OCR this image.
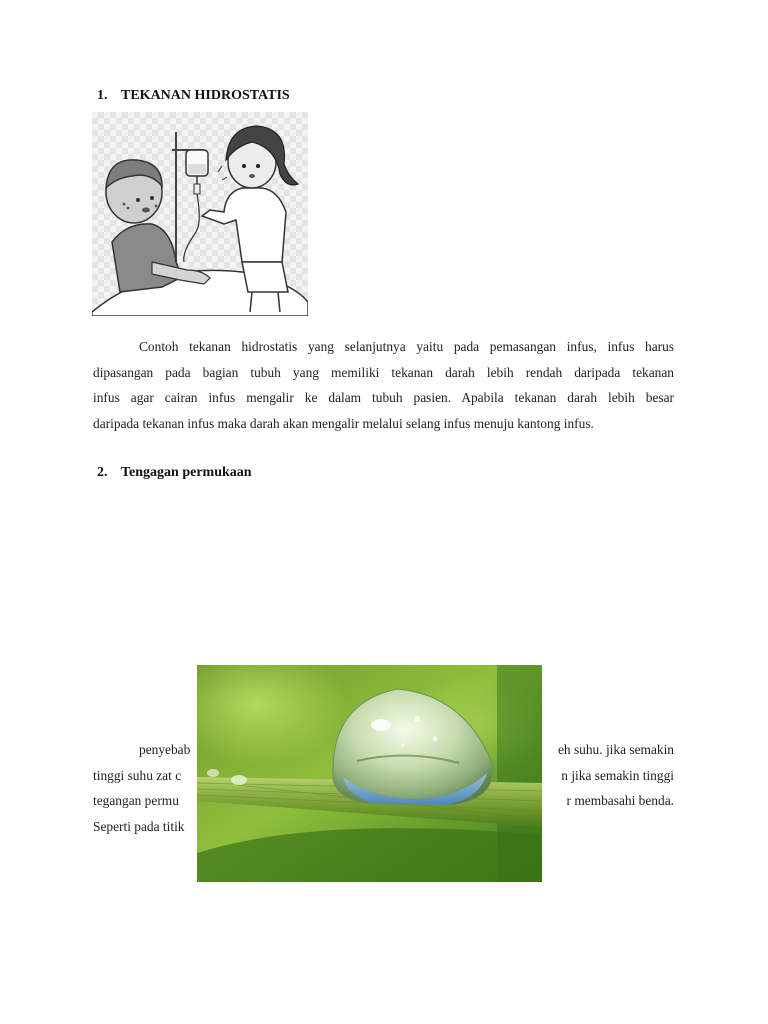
1. TEKANAN HIDROSTATIS
Contoh tekanan hidrostatis yang selanjutnya yaitu pada pemasangan infus, infus harus
dipasangan pada bagian tubuh yang memiliki tekanan darah lebih rendah daripada tekanan
infus agar cairan infus mengalir ke dalam tubuh pasien. Apabila tekanan darah lebih besar
daripada tekanan infus maka darah akan mengalir melalui selang infus menuju kantong infus.
2. Tengagan permukaan
penyebab	eh suhu. jika semakin
tinggi suhu zat c	n jika semakin tinggi
tegangan permu	r membasahi benda.
Seperti pada titik
